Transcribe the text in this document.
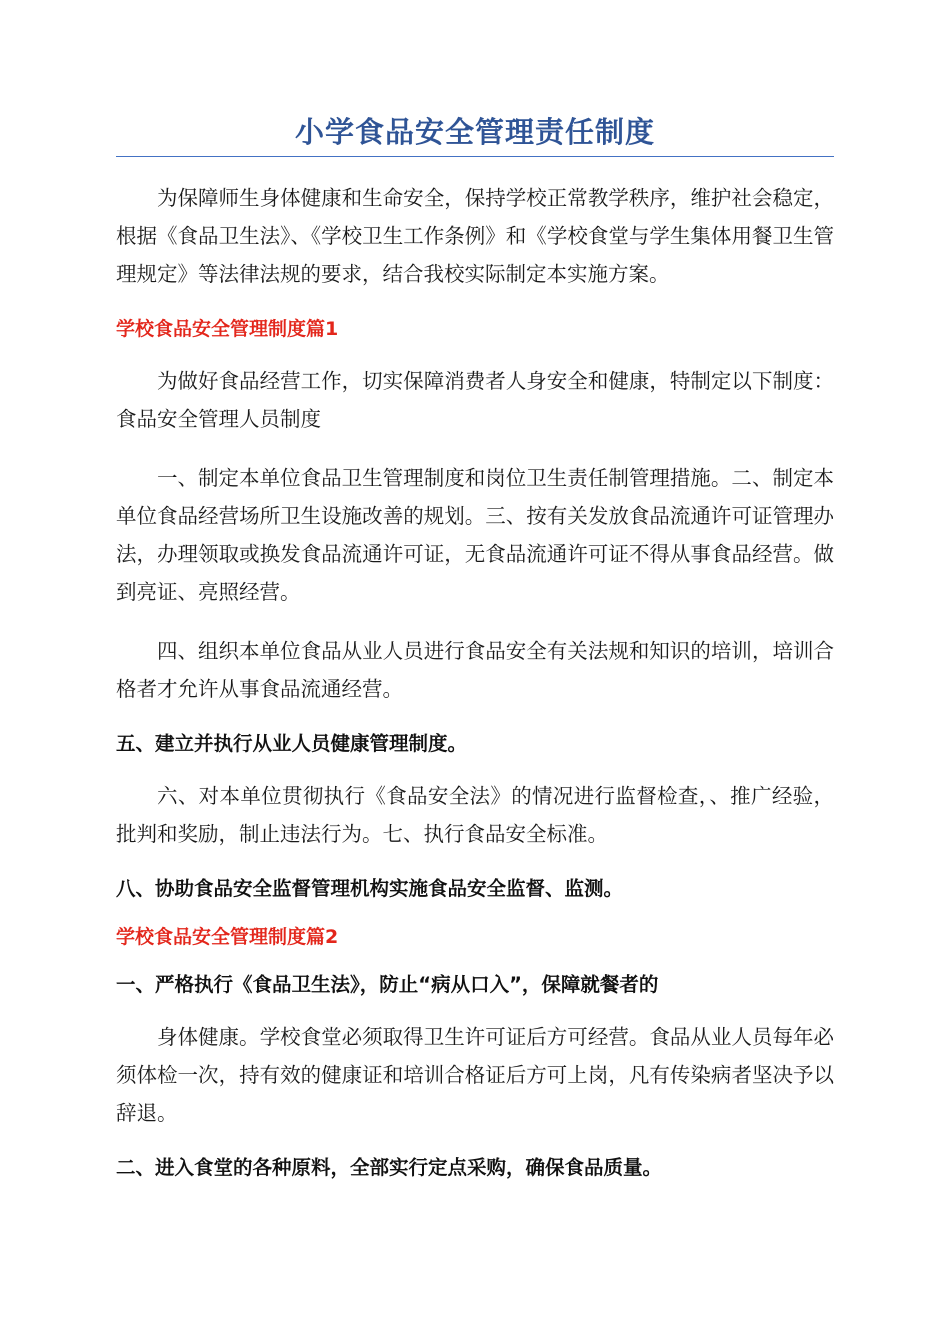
小学食品安全管理责任制度

为保障师生身体健康和生命安全，保持学校正常教学秩序，维护社会稳定，根据《食品卫生法》、《学校卫生工作条例》和《学校食堂与学生集体用餐卫生管理规定》等法律法规的要求，结合我校实际制定本实施方案。

学校食品安全管理制度篇1

为做好食品经营工作，切实保障消费者人身安全和健康，特制定以下制度：食品安全管理人员制度

一、制定本单位食品卫生管理制度和岗位卫生责任制管理措施。二、制定本单位食品经营场所卫生设施改善的规划。三、按有关发放食品流通许可证管理办法，办理领取或换发食品流通许可证，无食品流通许可证不得从事食品经营。做到亮证、亮照经营。

四、组织本单位食品从业人员进行食品安全有关法规和知识的培训，培训合格者才允许从事食品流通经营。

五、建立并执行从业人员健康管理制度。

六、对本单位贯彻执行《食品安全法》的情况进行监督检查，、推广经验，批判和奖励，制止违法行为。七、执行食品安全标准。

八、协助食品安全监督管理机构实施食品安全监督、监测。
学校食品安全管理制度篇2
一、严格执行《食品卫生法》，防止“病从口入”，保障就餐者的

身体健康。学校食堂必须取得卫生许可证后方可经营。食品从业人员每年必须体检一次，持有效的健康证和培训合格证后方可上岗，凡有传染病者坚决予以辞退。

二、进入食堂的各种原料，全部实行定点采购，确保食品质量。
